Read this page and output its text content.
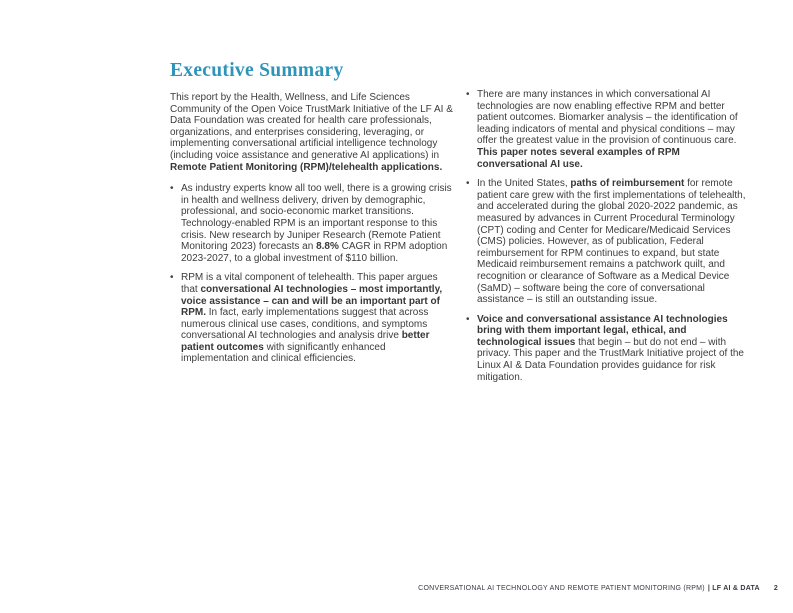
Executive Summary

This report by the Health, Wellness, and Life Sciences Community of the Open Voice TrustMark Initiative of the LF AI & Data Foundation was created for health care professionals, organizations, and enterprises considering, leveraging, or implementing conversational artificial intelligence technology (including voice assistance and generative AI applications) in Remote Patient Monitoring (RPM)/telehealth applications.

• As industry experts know all too well, there is a growing crisis in health and wellness delivery, driven by demographic, professional, and socio-economic market transitions. Technology-enabled RPM is an important response to this crisis. New research by Juniper Research (Remote Patient Monitoring 2023) forecasts an 8.8% CAGR in RPM adoption 2023-2027, to a global investment of $110 billion.

• RPM is a vital component of telehealth. This paper argues that conversational AI technologies – most importantly, voice assistance – can and will be an important part of RPM. In fact, early implementations suggest that across numerous clinical use cases, conditions, and symptoms conversational AI technologies and analysis drive better patient outcomes with significantly enhanced implementation and clinical efficiencies.

• There are many instances in which conversational AI technologies are now enabling effective RPM and better patient outcomes. Biomarker analysis – the identification of leading indicators of mental and physical conditions – may offer the greatest value in the provision of continuous care. This paper notes several examples of RPM conversational AI use.

• In the United States, paths of reimbursement for remote patient care grew with the first implementations of telehealth, and accelerated during the global 2020-2022 pandemic, as measured by advances in Current Procedural Terminology (CPT) coding and Center for Medicare/Medicaid Services (CMS) policies. However, as of publication, Federal reimbursement for RPM continues to expand, but state Medicaid reimbursement remains a patchwork quilt, and recognition or clearance of Software as a Medical Device (SaMD) – software being the core of conversational assistance – is still an outstanding issue.

• Voice and conversational assistance AI technologies bring with them important legal, ethical, and technological issues that begin – but do not end – with privacy. This paper and the TrustMark Initiative project of the Linux AI & Data Foundation provides guidance for risk mitigation.

CONVERSATIONAL AI TECHNOLOGY AND REMOTE PATIENT MONITORING (RPM) | LF AI & DATA 2
